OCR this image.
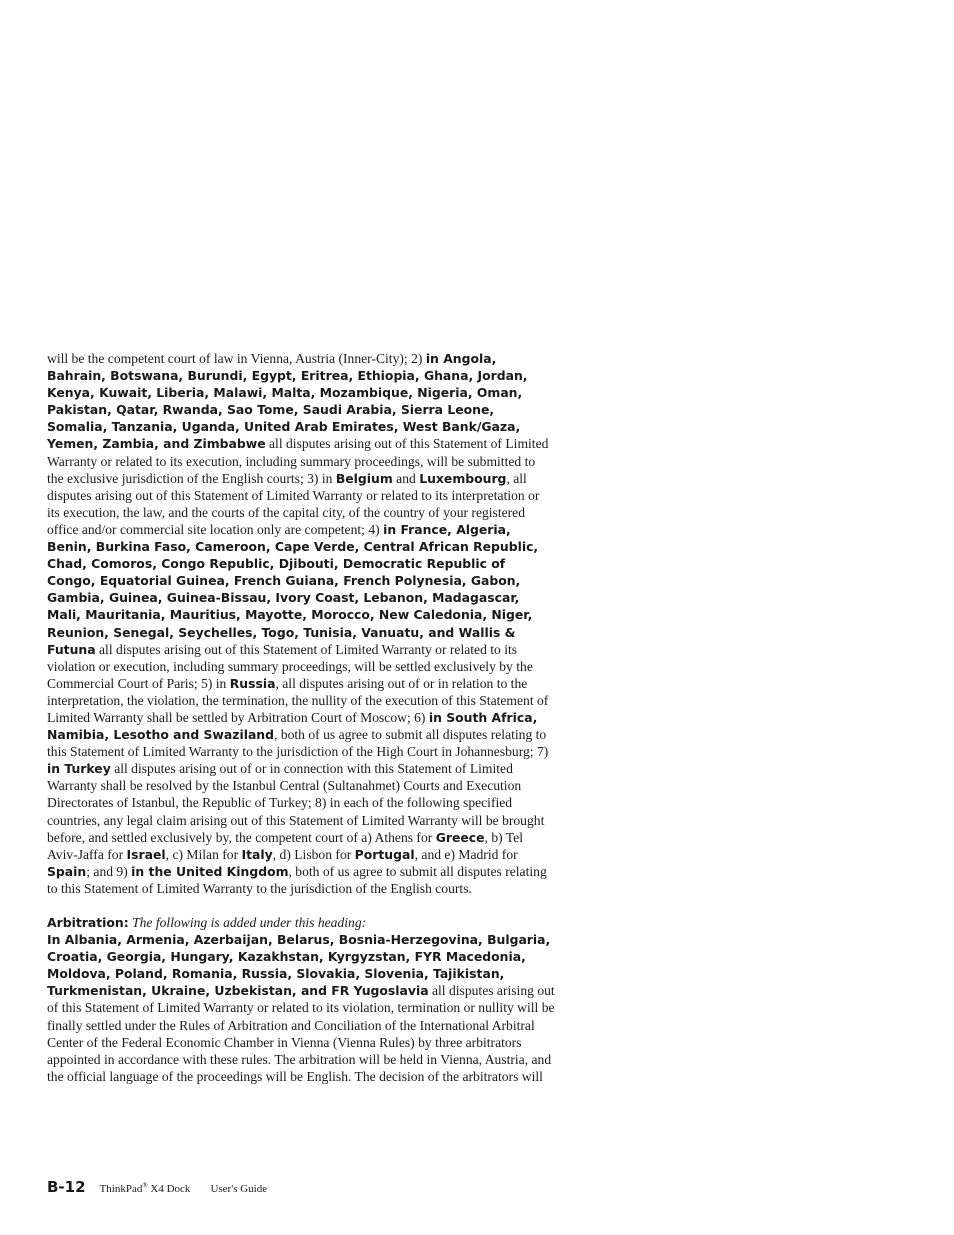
will be the competent court of law in Vienna, Austria (Inner-City); 2) in Angola, Bahrain, Botswana, Burundi, Egypt, Eritrea, Ethiopia, Ghana, Jordan, Kenya, Kuwait, Liberia, Malawi, Malta, Mozambique, Nigeria, Oman, Pakistan, Qatar, Rwanda, Sao Tome, Saudi Arabia, Sierra Leone, Somalia, Tanzania, Uganda, United Arab Emirates, West Bank/Gaza, Yemen, Zambia, and Zimbabwe all disputes arising out of this Statement of Limited Warranty or related to its execution, including summary proceedings, will be submitted to the exclusive jurisdiction of the English courts; 3) in Belgium and Luxembourg, all disputes arising out of this Statement of Limited Warranty or related to its interpretation or its execution, the law, and the courts of the capital city, of the country of your registered office and/or commercial site location only are competent; 4) in France, Algeria, Benin, Burkina Faso, Cameroon, Cape Verde, Central African Republic, Chad, Comoros, Congo Republic, Djibouti, Democratic Republic of Congo, Equatorial Guinea, French Guiana, French Polynesia, Gabon, Gambia, Guinea, Guinea-Bissau, Ivory Coast, Lebanon, Madagascar, Mali, Mauritania, Mauritius, Mayotte, Morocco, New Caledonia, Niger, Reunion, Senegal, Seychelles, Togo, Tunisia, Vanuatu, and Wallis & Futuna all disputes arising out of this Statement of Limited Warranty or related to its violation or execution, including summary proceedings, will be settled exclusively by the Commercial Court of Paris; 5) in Russia, all disputes arising out of or in relation to the interpretation, the violation, the termination, the nullity of the execution of this Statement of Limited Warranty shall be settled by Arbitration Court of Moscow; 6) in South Africa, Namibia, Lesotho and Swaziland, both of us agree to submit all disputes relating to this Statement of Limited Warranty to the jurisdiction of the High Court in Johannesburg; 7) in Turkey all disputes arising out of or in connection with this Statement of Limited Warranty shall be resolved by the Istanbul Central (Sultanahmet) Courts and Execution Directorates of Istanbul, the Republic of Turkey; 8) in each of the following specified countries, any legal claim arising out of this Statement of Limited Warranty will be brought before, and settled exclusively by, the competent court of a) Athens for Greece, b) Tel Aviv-Jaffa for Israel, c) Milan for Italy, d) Lisbon for Portugal, and e) Madrid for Spain; and 9) in the United Kingdom, both of us agree to submit all disputes relating to this Statement of Limited Warranty to the jurisdiction of the English courts.

Arbitration: The following is added under this heading:

In Albania, Armenia, Azerbaijan, Belarus, Bosnia-Herzegovina, Bulgaria, Croatia, Georgia, Hungary, Kazakhstan, Kyrgyzstan, FYR Macedonia, Moldova, Poland, Romania, Russia, Slovakia, Slovenia, Tajikistan, Turkmenistan, Ukraine, Uzbekistan, and FR Yugoslavia all disputes arising out of this Statement of Limited Warranty or related to its violation, termination or nullity will be finally settled under the Rules of Arbitration and Conciliation of the International Arbitral Center of the Federal Economic Chamber in Vienna (Vienna Rules) by three arbitrators appointed in accordance with these rules. The arbitration will be held in Vienna, Austria, and the official language of the proceedings will be English. The decision of the arbitrators will

B-12 ThinkPad® X4 Dock User's Guide
